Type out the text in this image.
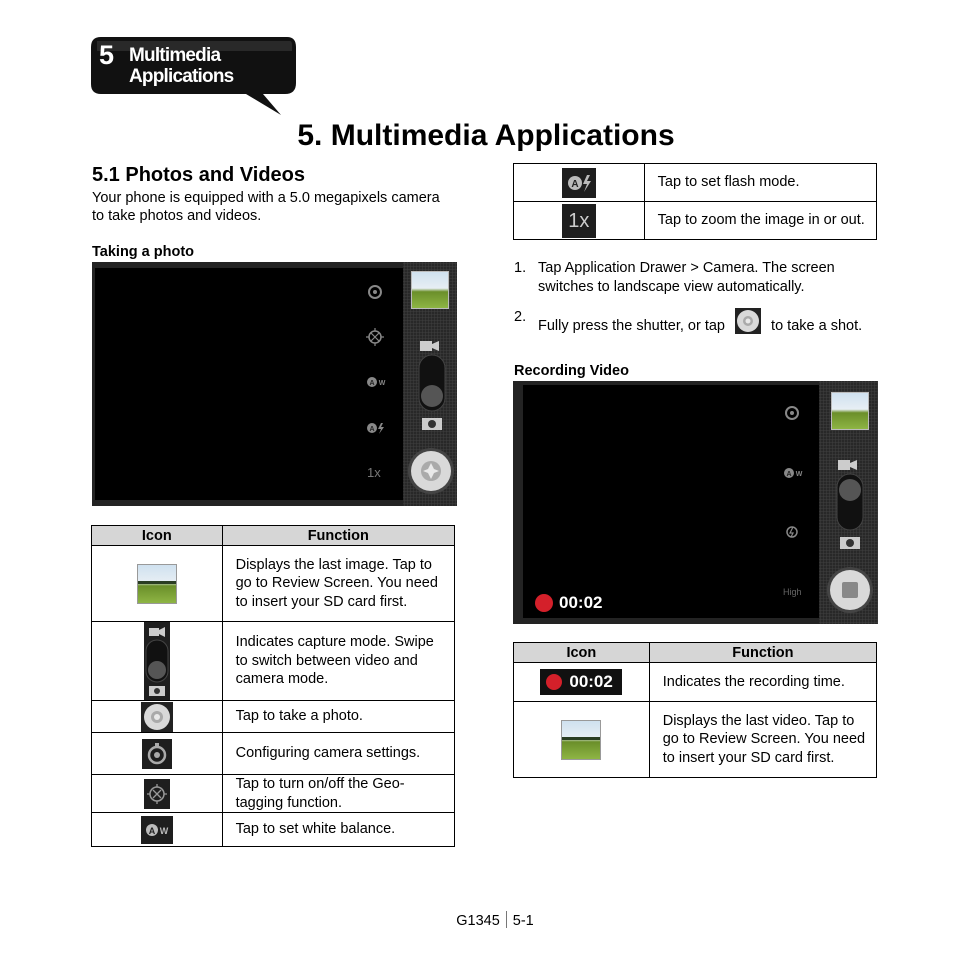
5 Multimedia
Applications
5. Multimedia Applications
5.1 Photos and Videos

Your phone is equipped with a 5.0 megapixels camera to take photos and videos.

Taking a photo
A W
A
1x
Icon	Function
	Displays the last image. Tap to go to Review Screen. You need to insert your SD card first.
	Indicates capture mode. Swipe to switch between video and camera mode.
	Tap to take a photo.
	Configuring camera settings.
	Tap to turn on/off the Geo-tagging function.

A W	Tap to set white balance.
A	Tap to set flash mode.
1x	Tap to zoom the image in or out.
1. Tap Application Drawer > Camera. The screen switches to landscape view automatically.
2.
Fully press the shutter, or tap	to take a shot.
Recording Video
A W
High
00:02
Icon	Function

00:02	Indicates the recording time.
	Displays the last video. Tap to go to Review Screen. You need to insert your SD card first.
G1345 5-1
